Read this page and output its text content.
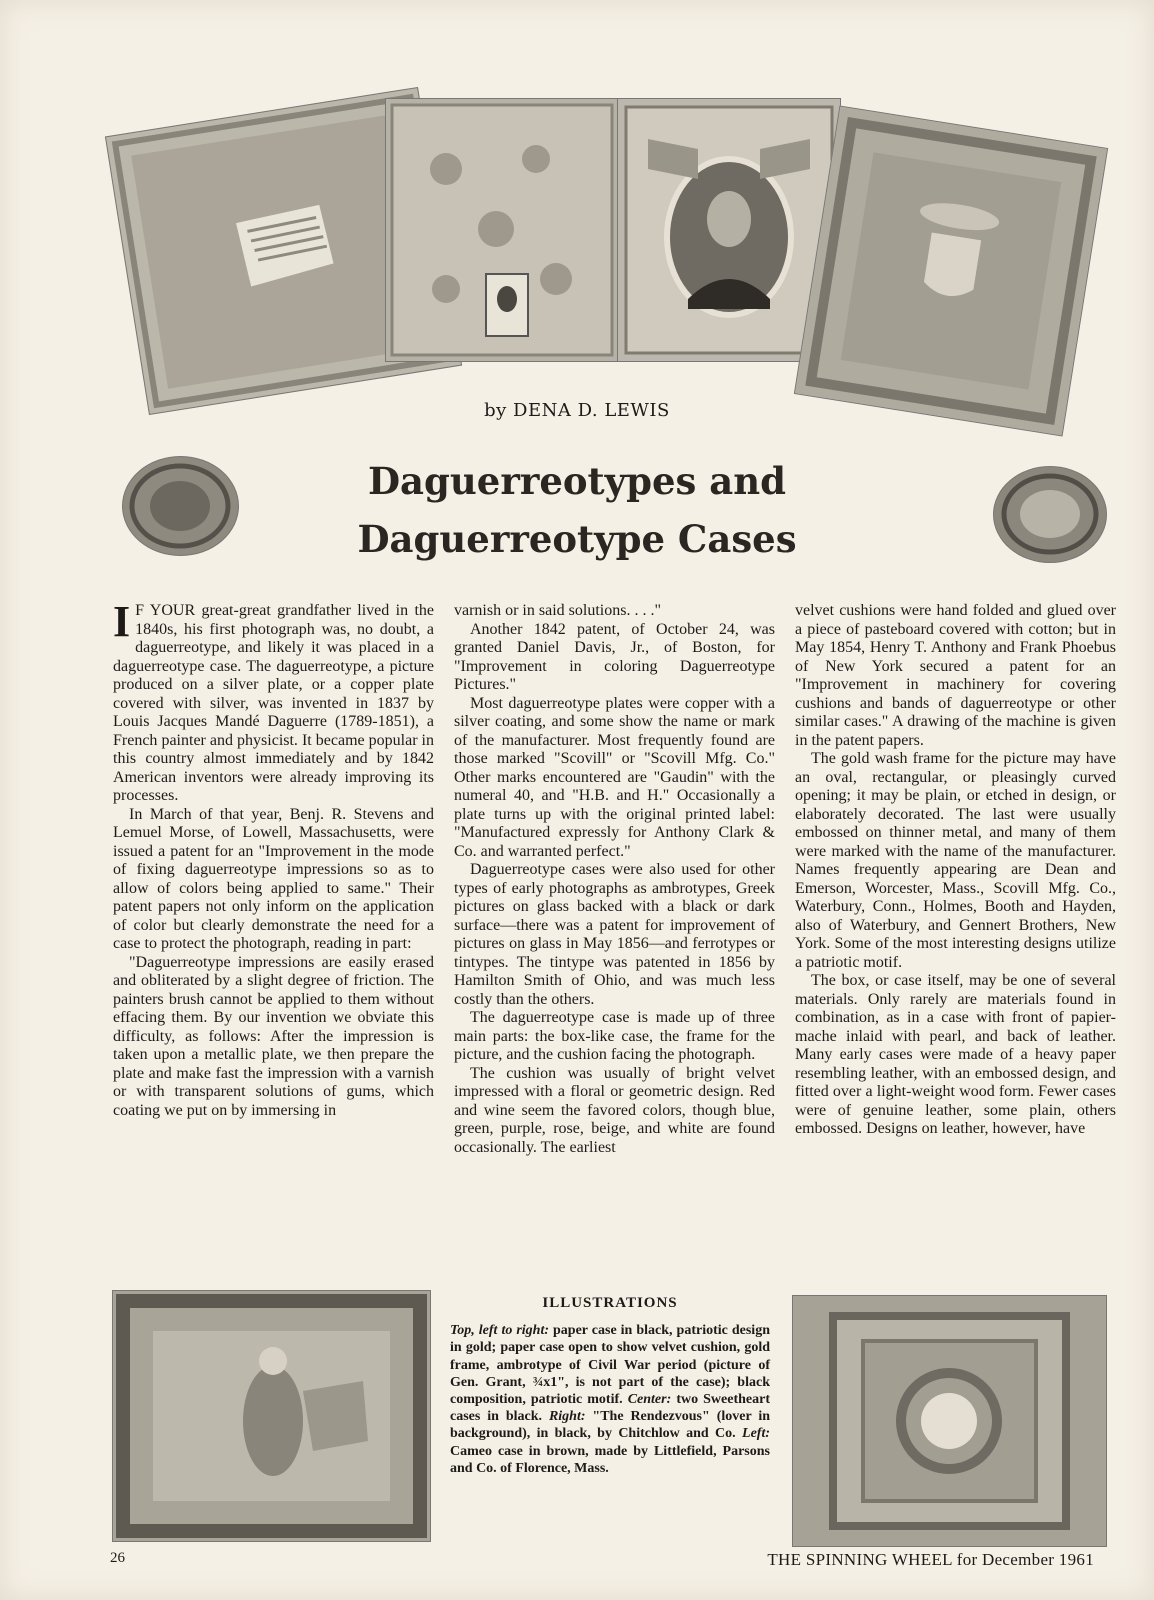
by DENA D. LEWIS
Daguerreotypes and
Daguerreotype Cases

I F YOUR great-great grandfather lived in the 1840s, his first photograph was, no doubt, a daguerreotype, and likely it was placed in a daguerreotype case. The daguerreotype, a picture produced on a silver plate, or a copper plate covered with silver, was invented in 1837 by Louis Jacques Mandé Daguerre (1789-1851), a French painter and physicist. It became popular in this country almost immediately and by 1842 American inventors were already improving its processes.

In March of that year, Benj. R. Stevens and Lemuel Morse, of Lowell, Massachusetts, were issued a patent for an "Improvement in the mode of fixing daguerreotype impressions so as to allow of colors being applied to same." Their patent papers not only inform on the application of color but clearly demonstrate the need for a case to protect the photograph, reading in part:

"Daguerreotype impressions are easily erased and obliterated by a slight degree of friction. The painters brush cannot be applied to them without effacing them. By our invention we obviate this difficulty, as follows: After the impression is taken upon a metallic plate, we then prepare the plate and make fast the impression with a varnish or with transparent solutions of gums, which coating we put on by immersing in

varnish or in said solutions. . . ."

Another 1842 patent, of October 24, was granted Daniel Davis, Jr., of Boston, for "Improvement in coloring Daguerreotype Pictures."

Most daguerreotype plates were copper with a silver coating, and some show the name or mark of the manufacturer. Most frequently found are those marked "Scovill" or "Scovill Mfg. Co." Other marks encountered are "Gaudin" with the numeral 40, and "H.B. and H." Occasionally a plate turns up with the original printed label: "Manufactured expressly for Anthony Clark & Co. and warranted perfect."

Daguerreotype cases were also used for other types of early photographs as ambrotypes, Greek pictures on glass backed with a black or dark surface—there was a patent for improvement of pictures on glass in May 1856—and ferrotypes or tintypes. The tintype was patented in 1856 by Hamilton Smith of Ohio, and was much less costly than the others.

The daguerreotype case is made up of three main parts: the box-like case, the frame for the picture, and the cushion facing the photograph.

The cushion was usually of bright velvet impressed with a floral or geometric design. Red and wine seem the favored colors, though blue, green, purple, rose, beige, and white are found occasionally. The earliest

velvet cushions were hand folded and glued over a piece of pasteboard covered with cotton; but in May 1854, Henry T. Anthony and Frank Phoebus of New York secured a patent for an "Improvement in machinery for covering cushions and bands of daguerreotype or other similar cases." A drawing of the machine is given in the patent papers.

The gold wash frame for the picture may have an oval, rectangular, or pleasingly curved opening; it may be plain, or etched in design, or elaborately decorated. The last were usually embossed on thinner metal, and many of them were marked with the name of the manufacturer. Names frequently appearing are Dean and Emerson, Worcester, Mass., Scovill Mfg. Co., Waterbury, Conn., Holmes, Booth and Hayden, also of Waterbury, and Gennert Brothers, New York. Some of the most interesting designs utilize a patriotic motif.

The box, or case itself, may be one of several materials. Only rarely are materials found in combination, as in a case with front of papier-mache inlaid with pearl, and back of leather. Many early cases were made of a heavy paper resembling leather, with an embossed design, and fitted over a light-weight wood form. Fewer cases were of genuine leather, some plain, others embossed. Designs on leather, however, have

ILLUSTRATIONS
Top, left to right: paper case in black, patriotic design in gold; paper case open to show velvet cushion, gold frame, ambrotype of Civil War period (picture of Gen. Grant, ¾x1", is not part of the case); black composition, patriotic motif. Center: two Sweetheart cases in black. Right: "The Rendezvous" (lover in background), in black, by Chitchlow and Co. Left: Cameo case in brown, made by Littlefield, Parsons and Co. of Florence, Mass.
26	THE SPINNING WHEEL for December 1961
